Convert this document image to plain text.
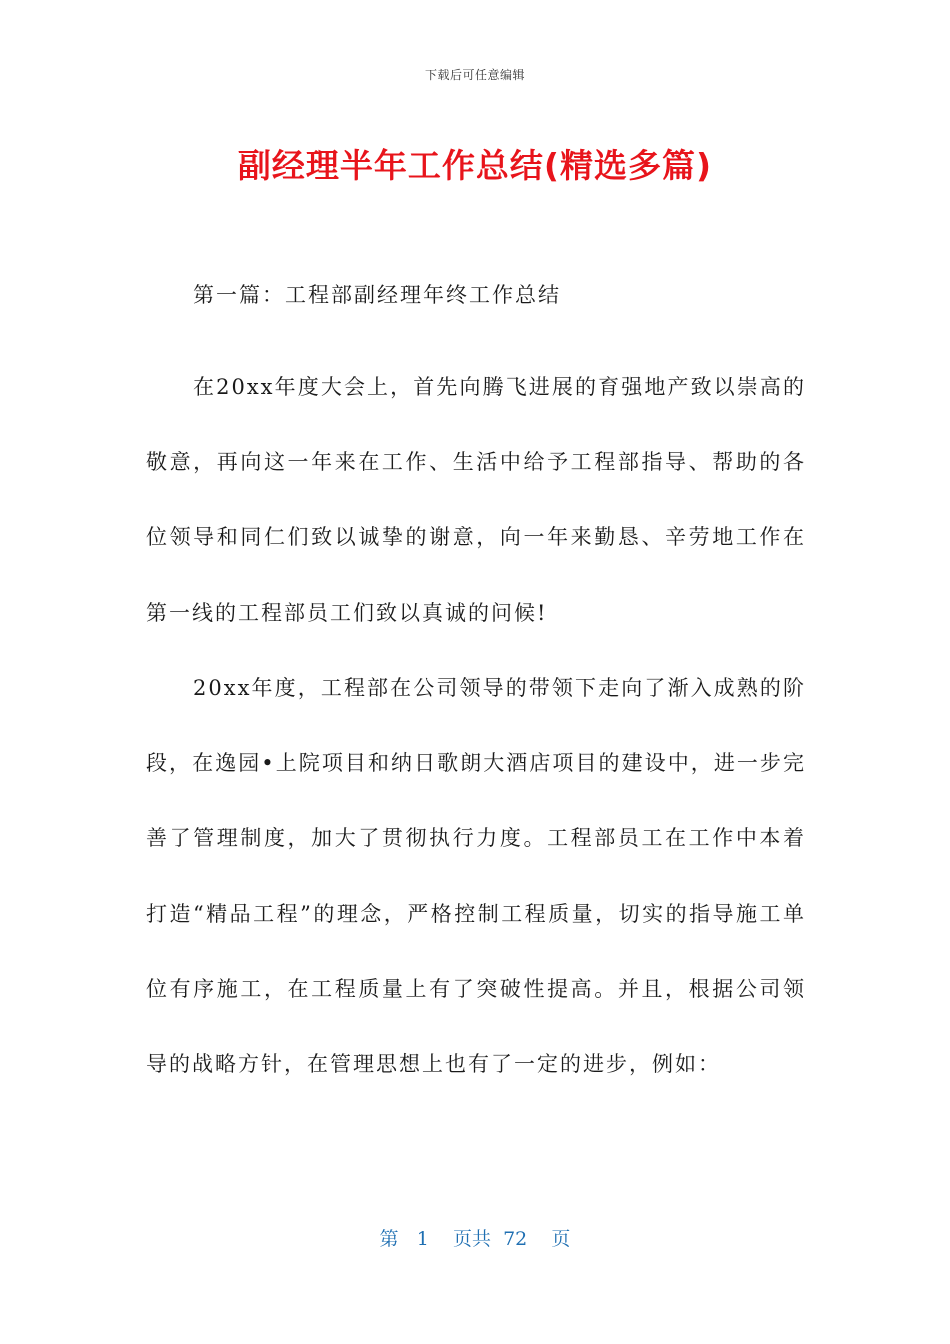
下载后可任意编辑
副经理半年工作总结(精选多篇)

第一篇：工程部副经理年终工作总结

在20xx年度大会上，首先向腾飞进展的育强地产致以崇高的敬意，再向这一年来在工作、生活中给予工程部指导、帮助的各位领导和同仁们致以诚挚的谢意，向一年来勤恳、辛劳地工作在第一线的工程部员工们致以真诚的问候!

20xx年度，工程部在公司领导的带领下走向了渐入成熟的阶段，在逸园•上院项目和纳日歌朗大酒店项目的建设中，进一步完善了管理制度，加大了贯彻执行力度。工程部员工在工作中本着打造“精品工程”的理念，严格控制工程质量，切实的指导施工单位有序施工，在工程质量上有了突破性提高。并且，根据公司领导的战略方针，在管理思想上也有了一定的进步，例如：

第 1 页共 72 页
